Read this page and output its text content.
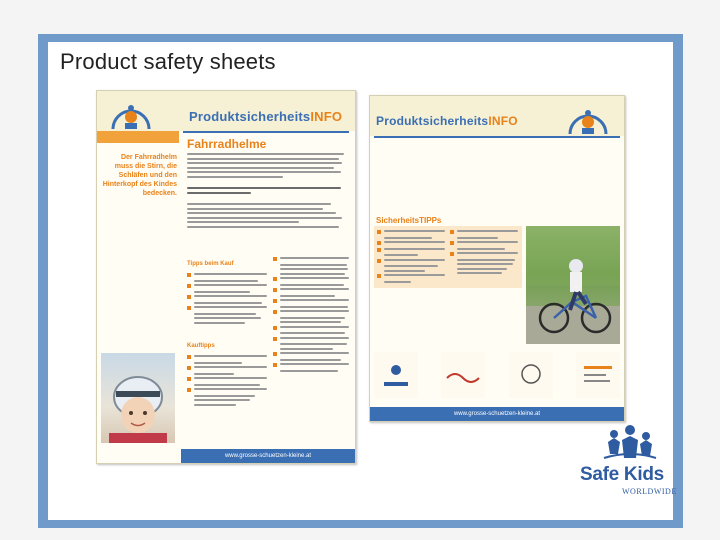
Product safety sheets
ProduktsicherheitsINFO
Fahrradhelme
Der Fahrradhelm muss die Stirn, die Schläfen und den Hinterkopf des Kindes bedecken.
Tipps beim Kauf
Kauftipps
www.grosse-schuetzen-kleine.at
ProduktsicherheitsINFO
SicherheitsTIPPs
www.grosse-schuetzen-kleine.at
Safe Kids
WORLDWIDE
